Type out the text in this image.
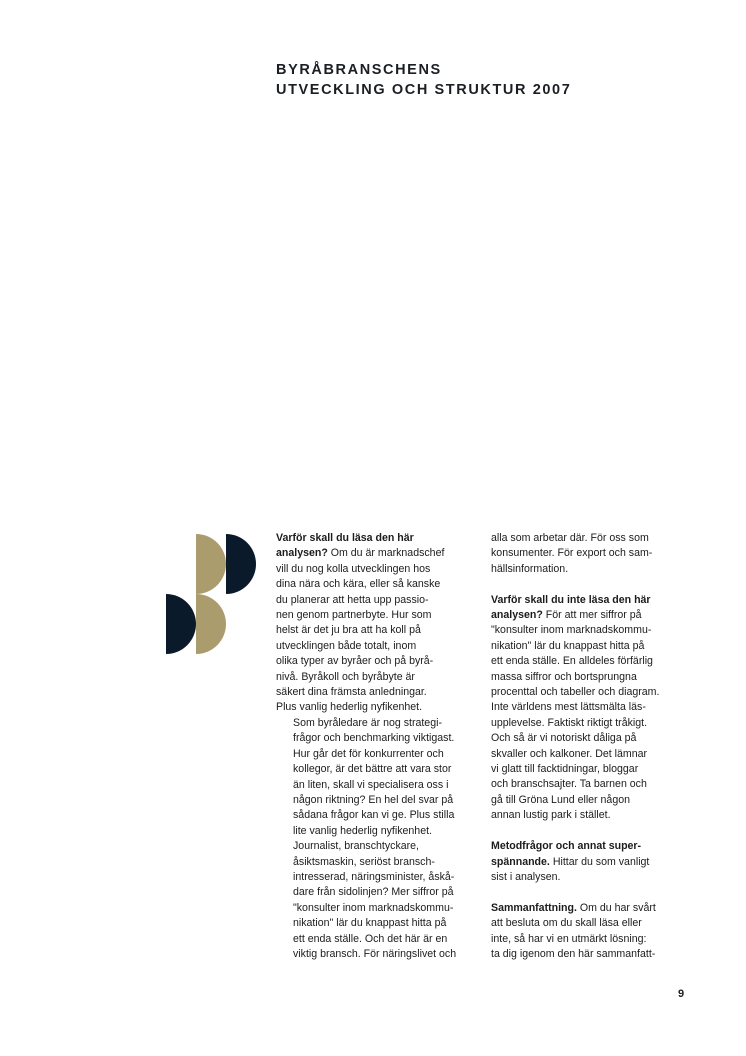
BYRÅBRANSCHENS
UTVECKLING OCH STRUKTUR 2007

Varför skall du läsa den här
analysen? Om du är marknadschef
vill du nog kolla utvecklingen hos
dina nära och kära, eller så kanske
du planerar att hetta upp passio-
nen genom partnerbyte. Hur som
helst är det ju bra att ha koll på
utvecklingen både totalt, inom
olika typer av byråer och på byrå-
nivå. Byråkoll och byråbyte är
säkert dina främsta anledningar.
Plus vanlig hederlig nyfikenhet.

Som byråledare är nog strategi-
frågor och benchmarking viktigast.
Hur går det för konkurrenter och
kollegor, är det bättre att vara stor
än liten, skall vi specialisera oss i
någon riktning? En hel del svar på
sådana frågor kan vi ge. Plus stilla
lite vanlig hederlig nyfikenhet.

Journalist, branschtyckare,
åsiktsmaskin, seriöst bransch-
intresserad, näringsminister, åskå-
dare från sidolinjen? Mer siffror på
"konsulter inom marknadskommu-
nikation" lär du knappast hitta på
ett enda ställe. Och det här är en
viktig bransch. För näringslivet och

alla som arbetar där. För oss som
konsumenter. För export och sam-
hällsinformation.

Varför skall du inte läsa den här
analysen? För att mer siffror på
"konsulter inom marknadskommu-
nikation" lär du knappast hitta på
ett enda ställe. En alldeles förfärlig
massa siffror och bortsprungna
procenttal och tabeller och diagram.
Inte världens mest lättsmälta läs-
upplevelse. Faktiskt riktigt tråkigt.
Och så är vi notoriskt dåliga på
skvaller och kalkoner. Det lämnar
vi glatt till facktidningar, bloggar
och branschsajter. Ta barnen och
gå till Gröna Lund eller någon
annan lustig park i stället.

Metodfrågor och annat super-
spännande. Hittar du som vanligt
sist i analysen.

Sammanfattning. Om du har svårt
att besluta om du skall läsa eller
inte, så har vi en utmärkt lösning:
ta dig igenom den här sammanfatt-

9
